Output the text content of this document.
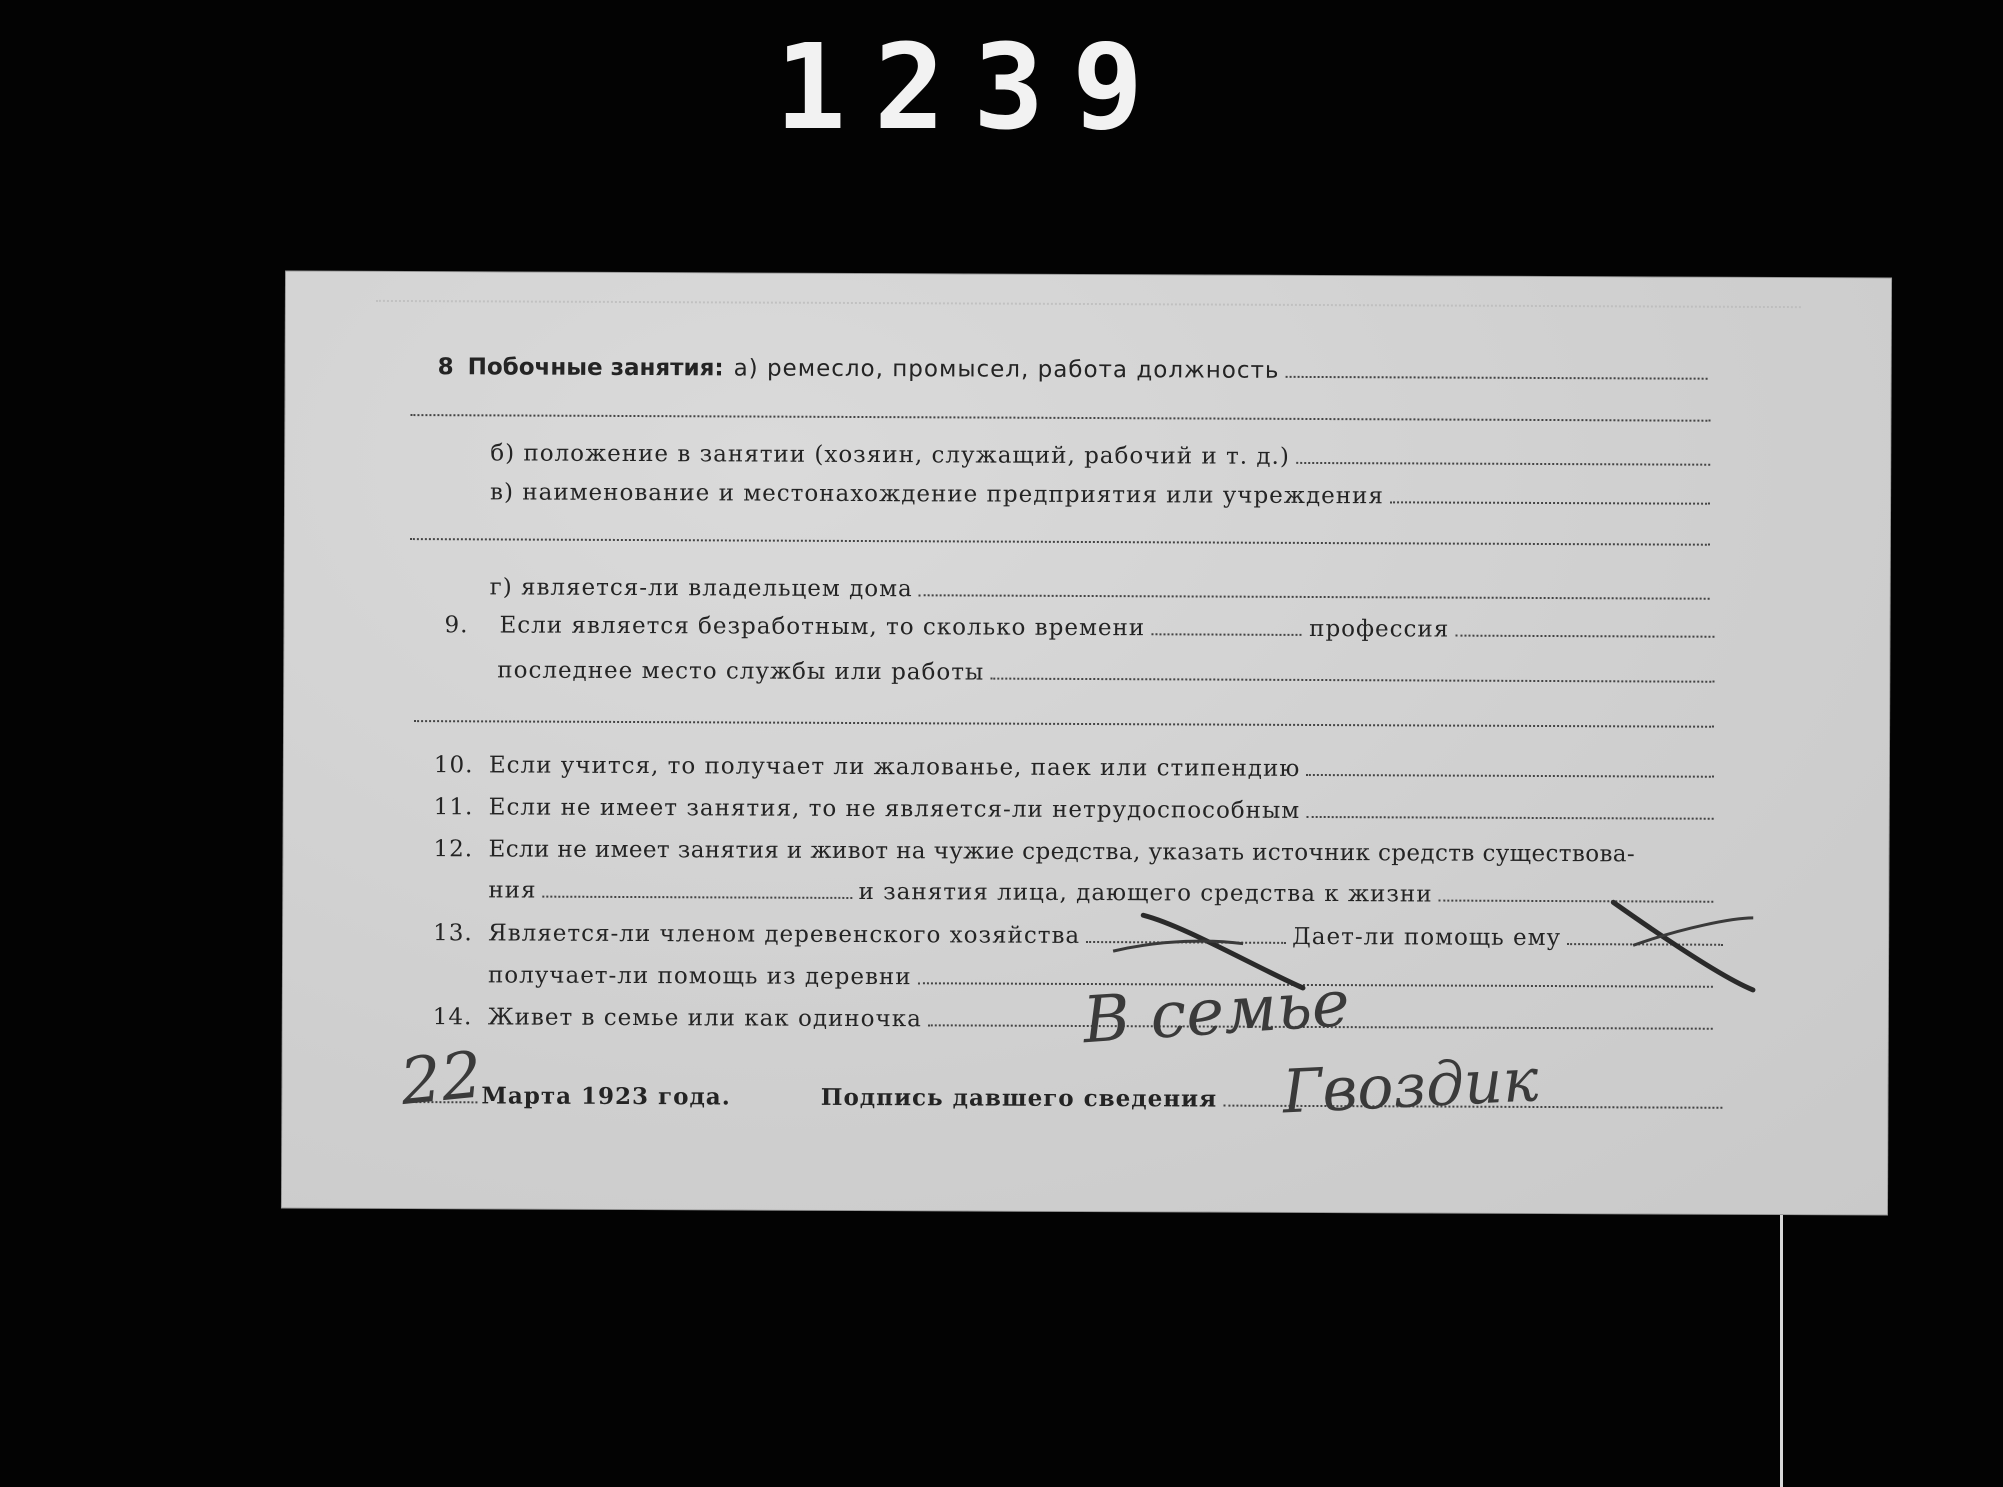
1239
8 Побочные занятия: а) ремесло, промысел, работа должность
б) положение в занятии (хозяин, служащий, рабочий и т. д.)
в) наименование и местонахождение предприятия или учреждения
г) является-ли владельцем дома
9.	Если является безработным, то сколько времени	профессия
последнее место службы или работы
10. Если учится, то получает ли жалованье, паек или стипендию
11. Если не имеет занятия, то не является-ли нетрудоспособным
12. Если не имеет занятия и живот на чужие средства, указать источник средств существова-
ния	и занятия лица, дающего средства к жизни
13. Является-ли членом деревенского хозяйства	Дает-ли помощь ему
получает-ли помощь из деревни
14. Живет в семье или как одиночка
Марта 1923 года.	Подпись давшего сведения
В семье
22	Гвоздик
